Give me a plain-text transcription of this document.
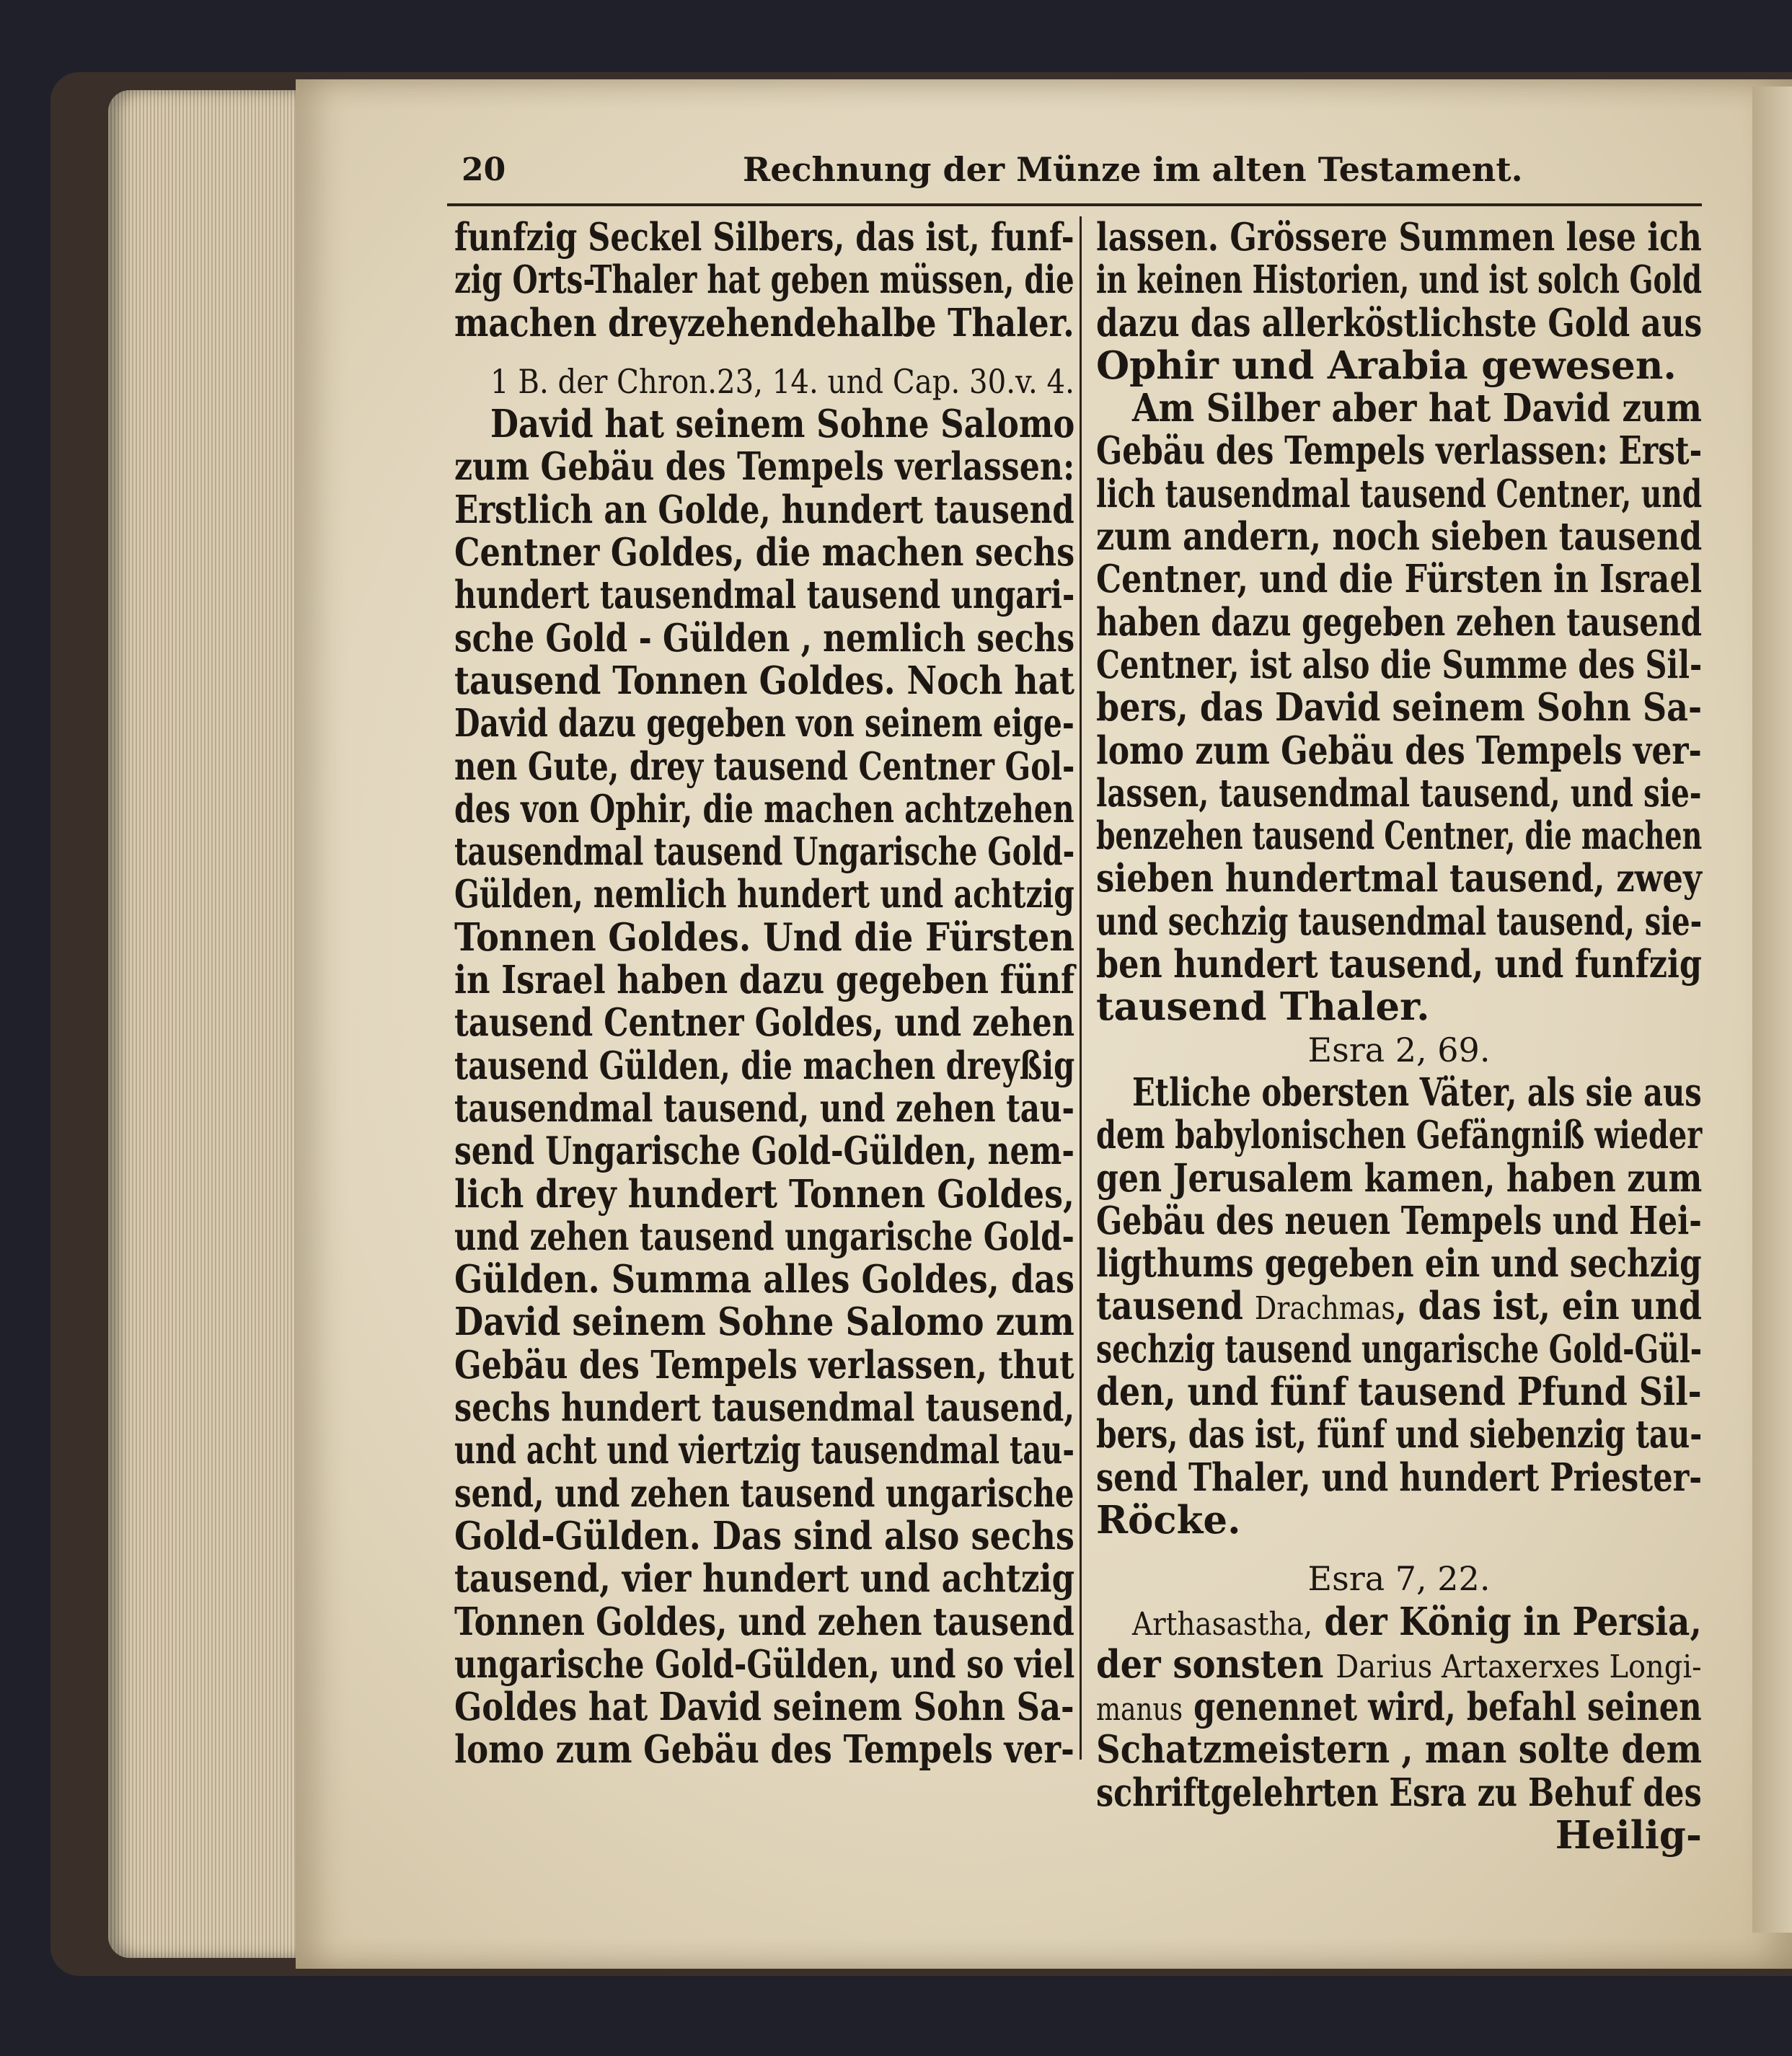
20	Rechnung der Münze im alten Testament.
funfzig Seckel Silbers, das ist, funf-
zig Orts-Thaler hat geben müssen, die
machen dreyzehendehalbe Thaler.
1 B. der Chron.23, 14. und Cap. 30.v. 4.
David hat seinem Sohne Salomo
zum Gebäu des Tempels verlassen:
Erstlich an Golde, hundert tausend
Centner Goldes, die machen sechs
hundert tausendmal tausend ungari-
sche Gold - Gülden , nemlich sechs
tausend Tonnen Goldes. Noch hat
David dazu gegeben von seinem eige-
nen Gute, drey tausend Centner Gol-
des von Ophir, die machen achtzehen
tausendmal tausend Ungarische Gold-
Gülden, nemlich hundert und achtzig
Tonnen Goldes. Und die Fürsten
in Israel haben dazu gegeben fünf
tausend Centner Goldes, und zehen
tausend Gülden, die machen dreyßig
tausendmal tausend, und zehen tau-
send Ungarische Gold-Gülden, nem-
lich drey hundert Tonnen Goldes,
und zehen tausend ungarische Gold-
Gülden. Summa alles Goldes, das
David seinem Sohne Salomo zum
Gebäu des Tempels verlassen, thut
sechs hundert tausendmal tausend,
und acht und viertzig tausendmal tau-
send, und zehen tausend ungarische
Gold-Gülden. Das sind also sechs
tausend, vier hundert und achtzig
Tonnen Goldes, und zehen tausend
ungarische Gold-Gülden, und so viel
Goldes hat David seinem Sohn Sa-
lomo zum Gebäu des Tempels ver-
lassen. Grössere Summen lese ich
in keinen Historien, und ist solch Gold
dazu das allerköstlichste Gold aus
Ophir und Arabia gewesen.
Am Silber aber hat David zum
Gebäu des Tempels verlassen: Erst-
lich tausendmal tausend Centner, und
zum andern, noch sieben tausend
Centner, und die Fürsten in Israel
haben dazu gegeben zehen tausend
Centner, ist also die Summe des Sil-
bers, das David seinem Sohn Sa-
lomo zum Gebäu des Tempels ver-
lassen, tausendmal tausend, und sie-
benzehen tausend Centner, die machen
sieben hundertmal tausend, zwey
und sechzig tausendmal tausend, sie-
ben hundert tausend, und funfzig
tausend Thaler.
Esra 2, 69.
Etliche obersten Väter, als sie aus
dem babylonischen Gefängniß wieder
gen Jerusalem kamen, haben zum
Gebäu des neuen Tempels und Hei-
ligthums gegeben ein und sechzig
tausend Drachmas, das ist, ein und
sechzig tausend ungarische Gold-Gül-
den, und fünf tausend Pfund Sil-
bers, das ist, fünf und siebenzig tau-
send Thaler, und hundert Priester-
Röcke.
Esra 7, 22.
Arthasastha, der König in Persia,
der sonsten Darius Artaxerxes Longi-
manus genennet wird, befahl seinen
Schatzmeistern , man solte dem
schriftgelehrten Esra zu Behuf des
Heilig-
